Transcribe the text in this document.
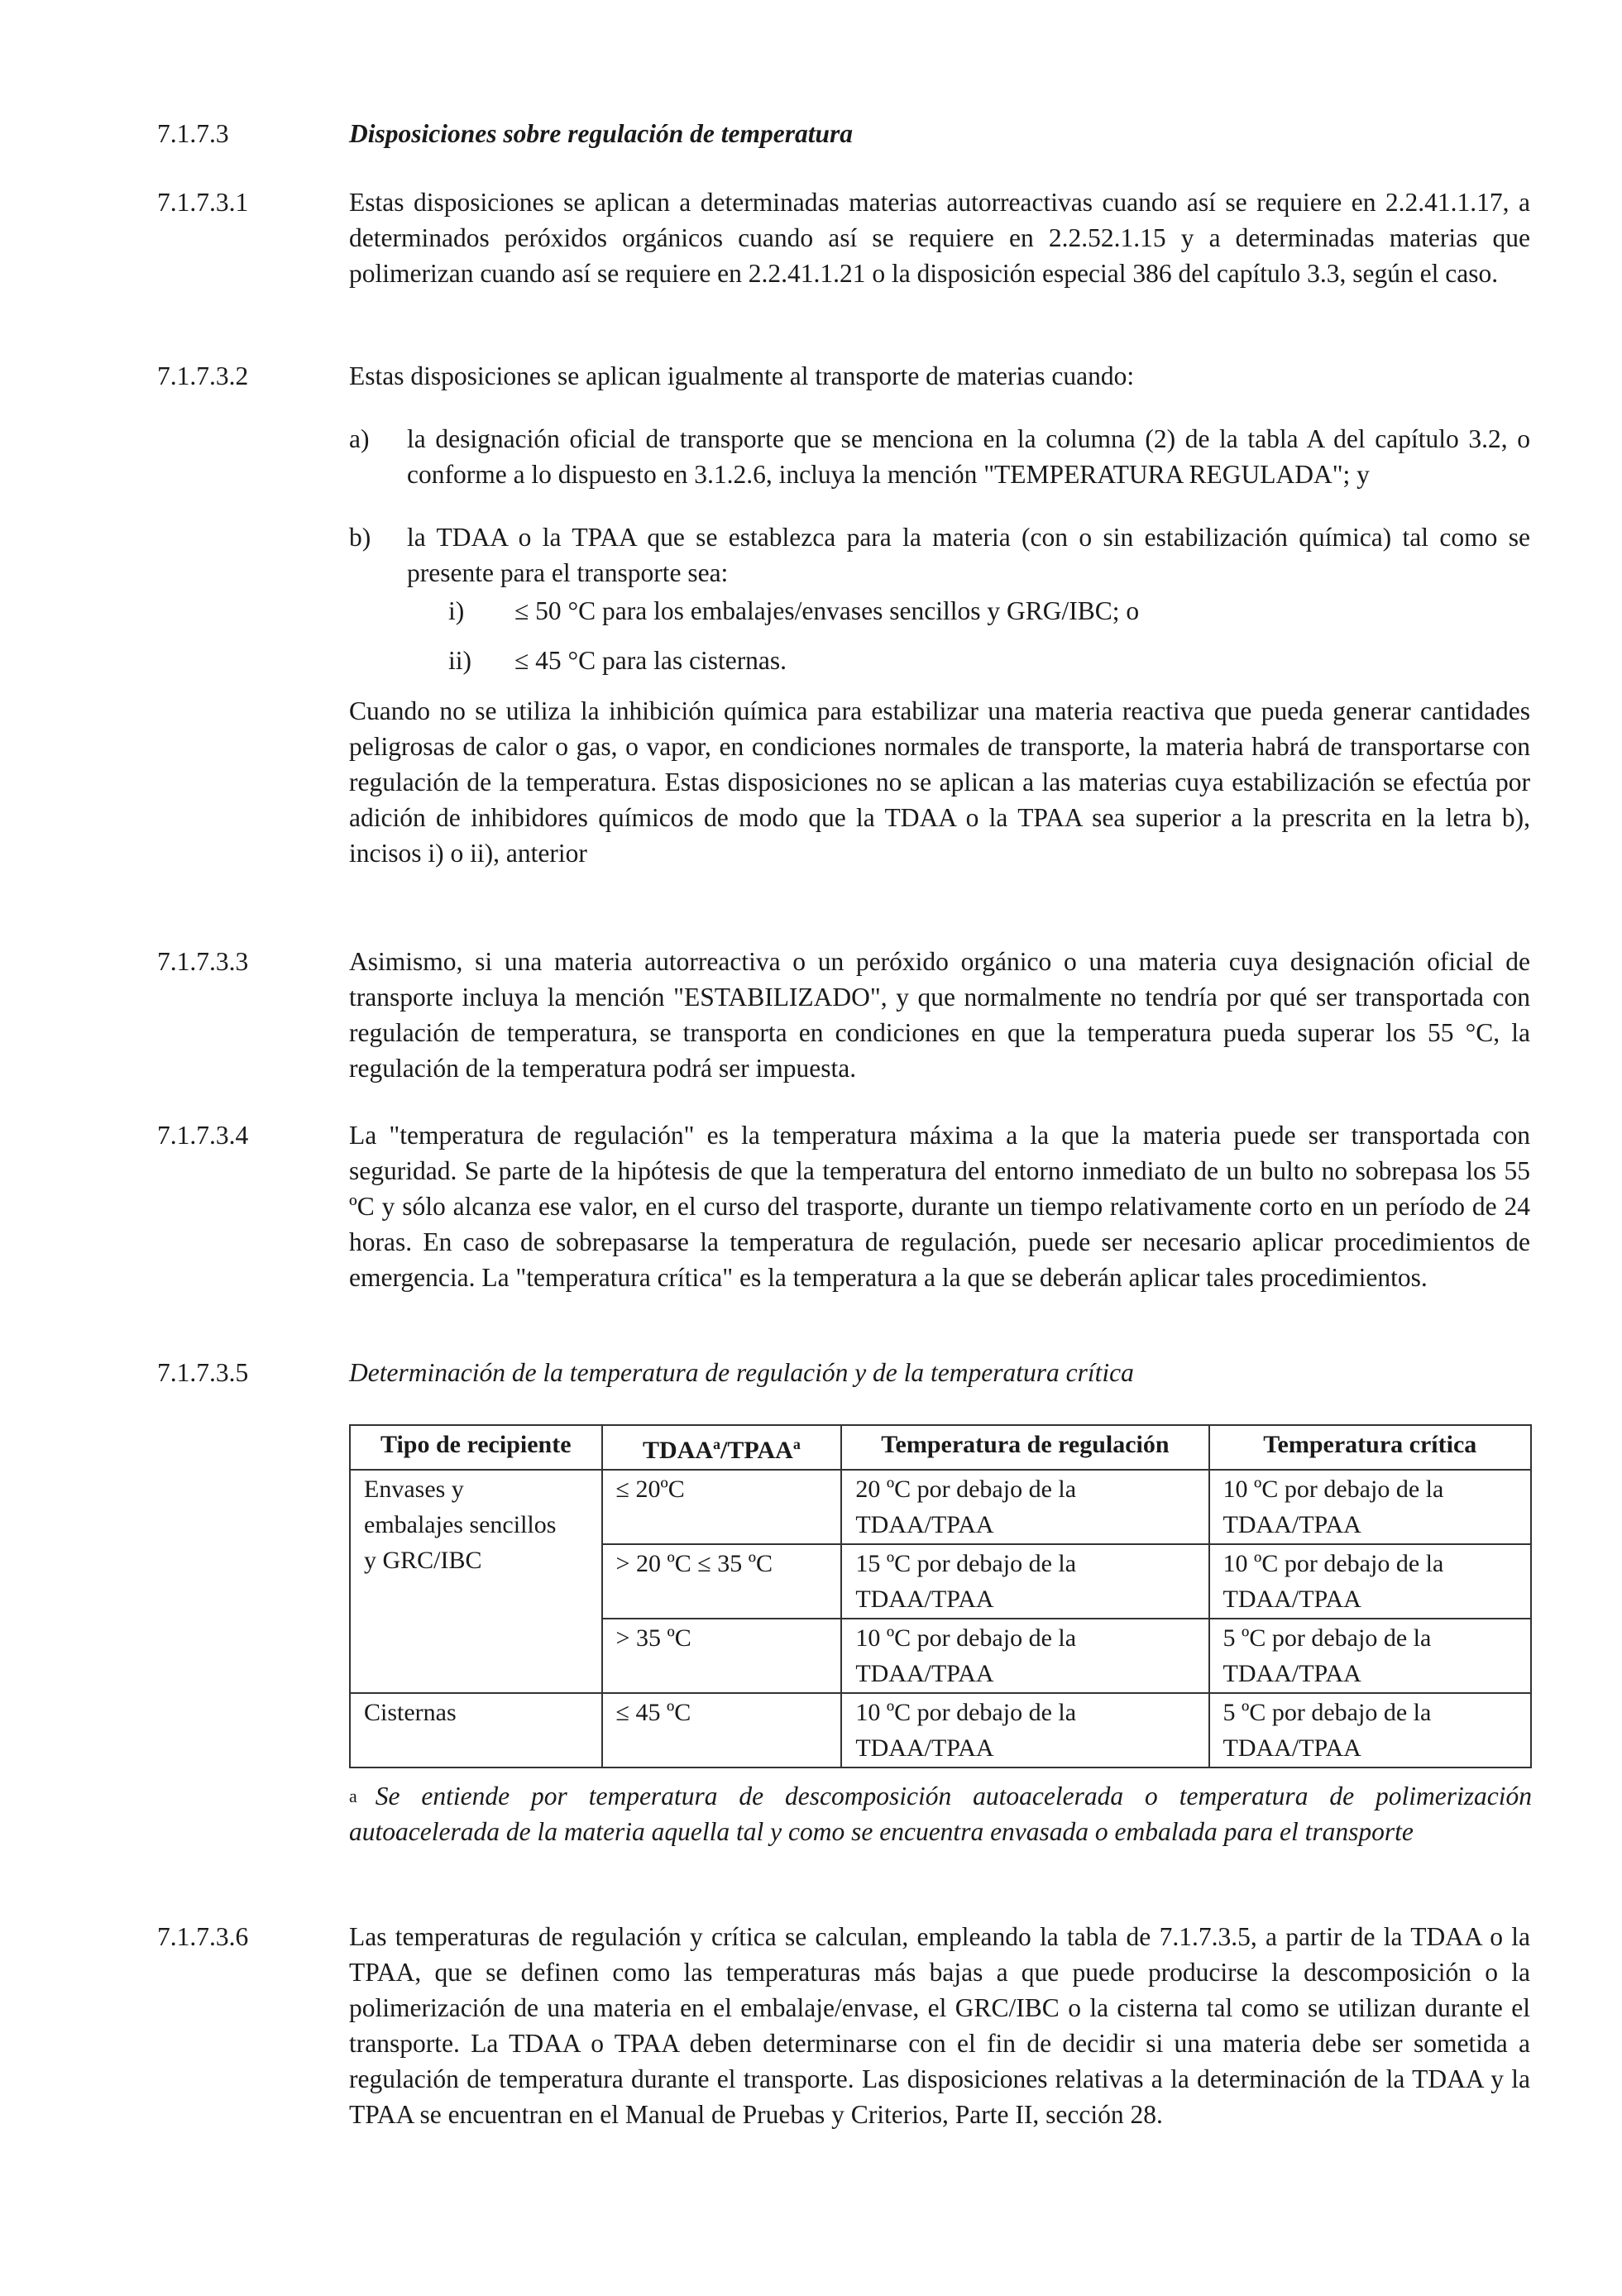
7.1.7.3	Disposiciones sobre regulación de temperatura
7.1.7.3.1	Estas disposiciones se aplican a determinadas materias autorreactivas cuando así se requiere en 2.2.41.1.17, a determinados peróxidos orgánicos cuando así se requiere en 2.2.52.1.15 y a determinadas materias que polimerizan cuando así se requiere en 2.2.41.1.21 o la disposición especial 386 del capítulo 3.3, según el caso.
7.1.7.3.2	Estas disposiciones se aplican igualmente al transporte de materias cuando:
a) la designación oficial de transporte que se menciona en la columna (2) de la tabla A del capítulo 3.2, o conforme a lo dispuesto en 3.1.2.6, incluya la mención "TEMPERATURA REGULADA"; y
b) la TDAA o la TPAA que se establezca para la materia (con o sin estabilización química) tal como se presente para el transporte sea:
i) ≤ 50 °C para los embalajes/envases sencillos y GRG/IBC; o
ii) ≤ 45 °C para las cisternas.
Cuando no se utiliza la inhibición química para estabilizar una materia reactiva que pueda generar cantidades peligrosas de calor o gas, o vapor, en condiciones normales de transporte, la materia habrá de transportarse con regulación de la temperatura. Estas disposiciones no se aplican a las materias cuya estabilización se efectúa por adición de inhibidores químicos de modo que la TDAA o la TPAA sea superior a la prescrita en la letra b), incisos i) o ii), anterior
7.1.7.3.3	Asimismo, si una materia autorreactiva o un peróxido orgánico o una materia cuya designación oficial de transporte incluya la mención "ESTABILIZADO", y que normalmente no tendría por qué ser transportada con regulación de temperatura, se transporta en condiciones en que la temperatura pueda superar los 55 °C, la regulación de la temperatura podrá ser impuesta.
7.1.7.3.4	La "temperatura de regulación" es la temperatura máxima a la que la materia puede ser transportada con seguridad. Se parte de la hipótesis de que la temperatura del entorno inmediato de un bulto no sobrepasa los 55 ºC y sólo alcanza ese valor, en el curso del trasporte, durante un tiempo relativamente corto en un período de 24 horas. En caso de sobrepasarse la temperatura de regulación, puede ser necesario aplicar procedimientos de emergencia. La "temperatura crítica" es la temperatura a la que se deberán aplicar tales procedimientos.
7.1.7.3.5	Determinación de la temperatura de regulación y de la temperatura crítica
Tipo de recipiente	TDAA$^a$/TPAA$^a$	Temperatura de regulación	Temperatura crítica
Envases y
embalajes sencillos
y GRC/IBC	≤ 20ºC	20 ºC por debajo de la TDAA/TPAA	10 ºC por debajo de la TDAA/TPAA
	> 20 ºC ≤ 35 ºC	15 ºC por debajo de la TDAA/TPAA	10 ºC por debajo de la TDAA/TPAA
	> 35 ºC	10 ºC por debajo de la TDAA/TPAA	5 ºC por debajo de la TDAA/TPAA
Cisternas	≤ 45 ºC	10 ºC por debajo de la TDAA/TPAA	5 ºC por debajo de la TDAA/TPAA
$^a$ Se entiende por temperatura de descomposición autoacelerada o temperatura de polimerización autoacelerada de la materia aquella tal y como se encuentra envasada o embalada para el transporte
7.1.7.3.6	Las temperaturas de regulación y crítica se calculan, empleando la tabla de 7.1.7.3.5, a partir de la TDAA o la TPAA, que se definen como las temperaturas más bajas a que puede producirse la descomposición o la polimerización de una materia en el embalaje/envase, el GRC/IBC o la cisterna tal como se utilizan durante el transporte. La TDAA o TPAA deben determinarse con el fin de decidir si una materia debe ser sometida a regulación de temperatura durante el transporte. Las disposiciones relativas a la determinación de la TDAA y la TPAA se encuentran en el Manual de Pruebas y Criterios, Parte II, sección 28.
